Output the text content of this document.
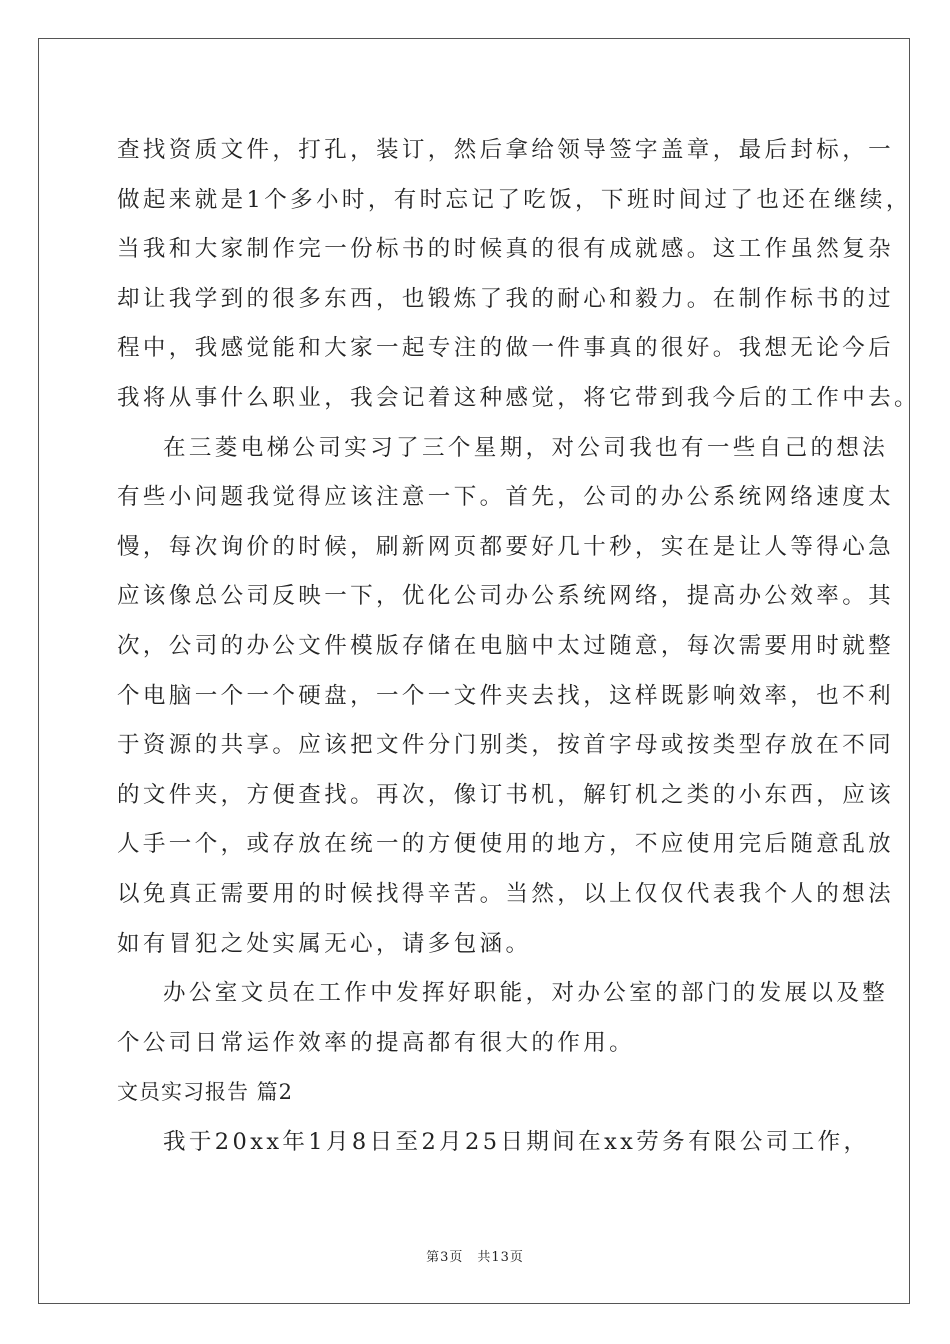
查找资质文件，打孔，装订，然后拿给领导签字盖章，最后封标，一
做起来就是1个多小时，有时忘记了吃饭，下班时间过了也还在继续，
当我和大家制作完一份标书的时候真的很有成就感。这工作虽然复杂
却让我学到的很多东西，也锻炼了我的耐心和毅力。在制作标书的过
程中，我感觉能和大家一起专注的做一件事真的很好。我想无论今后
我将从事什么职业，我会记着这种感觉，将它带到我今后的工作中去。
在三菱电梯公司实习了三个星期，对公司我也有一些自己的想法
有些小问题我觉得应该注意一下。首先，公司的办公系统网络速度太
慢，每次询价的时候，刷新网页都要好几十秒，实在是让人等得心急
应该像总公司反映一下，优化公司办公系统网络，提高办公效率。其
次，公司的办公文件模版存储在电脑中太过随意，每次需要用时就整
个电脑一个一个硬盘，一个一文件夹去找，这样既影响效率，也不利
于资源的共享。应该把文件分门别类，按首字母或按类型存放在不同
的文件夹，方便查找。再次，像订书机，解钉机之类的小东西，应该
人手一个，或存放在统一的方便使用的地方，不应使用完后随意乱放
以免真正需要用的时候找得辛苦。当然，以上仅仅代表我个人的想法
如有冒犯之处实属无心，请多包涵。
办公室文员在工作中发挥好职能，对办公室的部门的发展以及整
个公司日常运作效率的提高都有很大的作用。
文员实习报告 篇2
我于20xx年1月8日至2月25日期间在xx劳务有限公司工作，
第3页　共13页
